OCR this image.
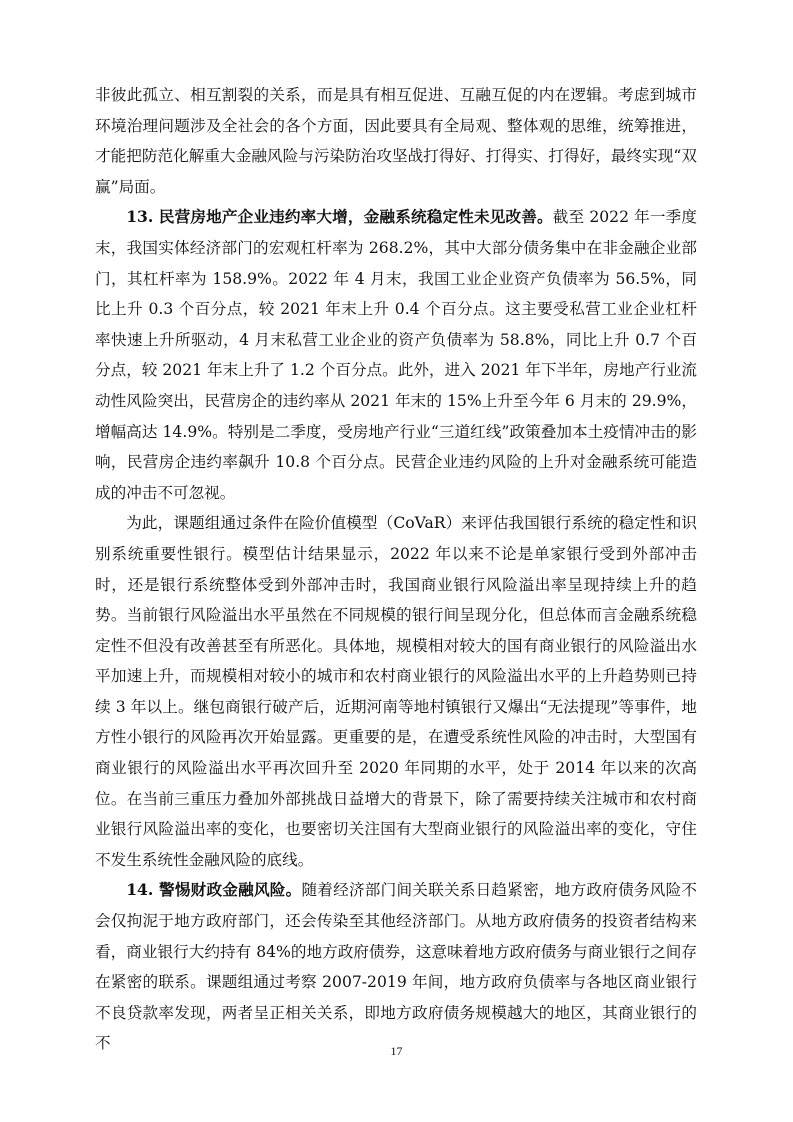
非彼此孤立、相互割裂的关系，而是具有相互促进、互融互促的内在逻辑。考虑到城市环境治理问题涉及全社会的各个方面，因此要具有全局观、整体观的思维，统筹推进，才能把防范化解重大金融风险与污染防治攻坚战打得好、打得实、打得好，最终实现“双赢”局面。

13. 民营房地产企业违约率大增，金融系统稳定性未见改善。截至 2022 年一季度末，我国实体经济部门的宏观杠杆率为 268.2%，其中大部分债务集中在非金融企业部门，其杠杆率为 158.9%。2022 年 4 月末，我国工业企业资产负债率为 56.5%，同比上升 0.3 个百分点，较 2021 年末上升 0.4 个百分点。这主要受私营工业企业杠杆率快速上升所驱动，4 月末私营工业企业的资产负债率为 58.8%，同比上升 0.7 个百分点，较 2021 年末上升了 1.2 个百分点。此外，进入 2021 年下半年，房地产行业流动性风险突出，民营房企的违约率从 2021 年末的 15%上升至今年 6 月末的 29.9%，增幅高达 14.9%。特别是二季度，受房地产行业“三道红线”政策叠加本土疫情冲击的影响，民营房企违约率飙升 10.8 个百分点。民营企业违约风险的上升对金融系统可能造成的冲击不可忽视。

为此，课题组通过条件在险价值模型（CoVaR）来评估我国银行系统的稳定性和识别系统重要性银行。模型估计结果显示，2022 年以来不论是单家银行受到外部冲击时，还是银行系统整体受到外部冲击时，我国商业银行风险溢出率呈现持续上升的趋势。当前银行风险溢出水平虽然在不同规模的银行间呈现分化，但总体而言金融系统稳定性不但没有改善甚至有所恶化。具体地，规模相对较大的国有商业银行的风险溢出水平加速上升，而规模相对较小的城市和农村商业银行的风险溢出水平的上升趋势则已持续 3 年以上。继包商银行破产后，近期河南等地村镇银行又爆出“无法提现”等事件，地方性小银行的风险再次开始显露。更重要的是，在遭受系统性风险的冲击时，大型国有商业银行的风险溢出水平再次回升至 2020 年同期的水平，处于 2014 年以来的次高位。在当前三重压力叠加外部挑战日益增大的背景下，除了需要持续关注城市和农村商业银行风险溢出率的变化，也要密切关注国有大型商业银行的风险溢出率的变化，守住不发生系统性金融风险的底线。

14. 警惕财政金融风险。随着经济部门间关联关系日趋紧密，地方政府债务风险不会仅拘泥于地方政府部门，还会传染至其他经济部门。从地方政府债务的投资者结构来看，商业银行大约持有 84%的地方政府债券，这意味着地方政府债务与商业银行之间存在紧密的联系。课题组通过考察 2007-2019 年间，地方政府负债率与各地区商业银行不良贷款率发现，两者呈正相关关系，即地方政府债务规模越大的地区，其商业银行的不	17
